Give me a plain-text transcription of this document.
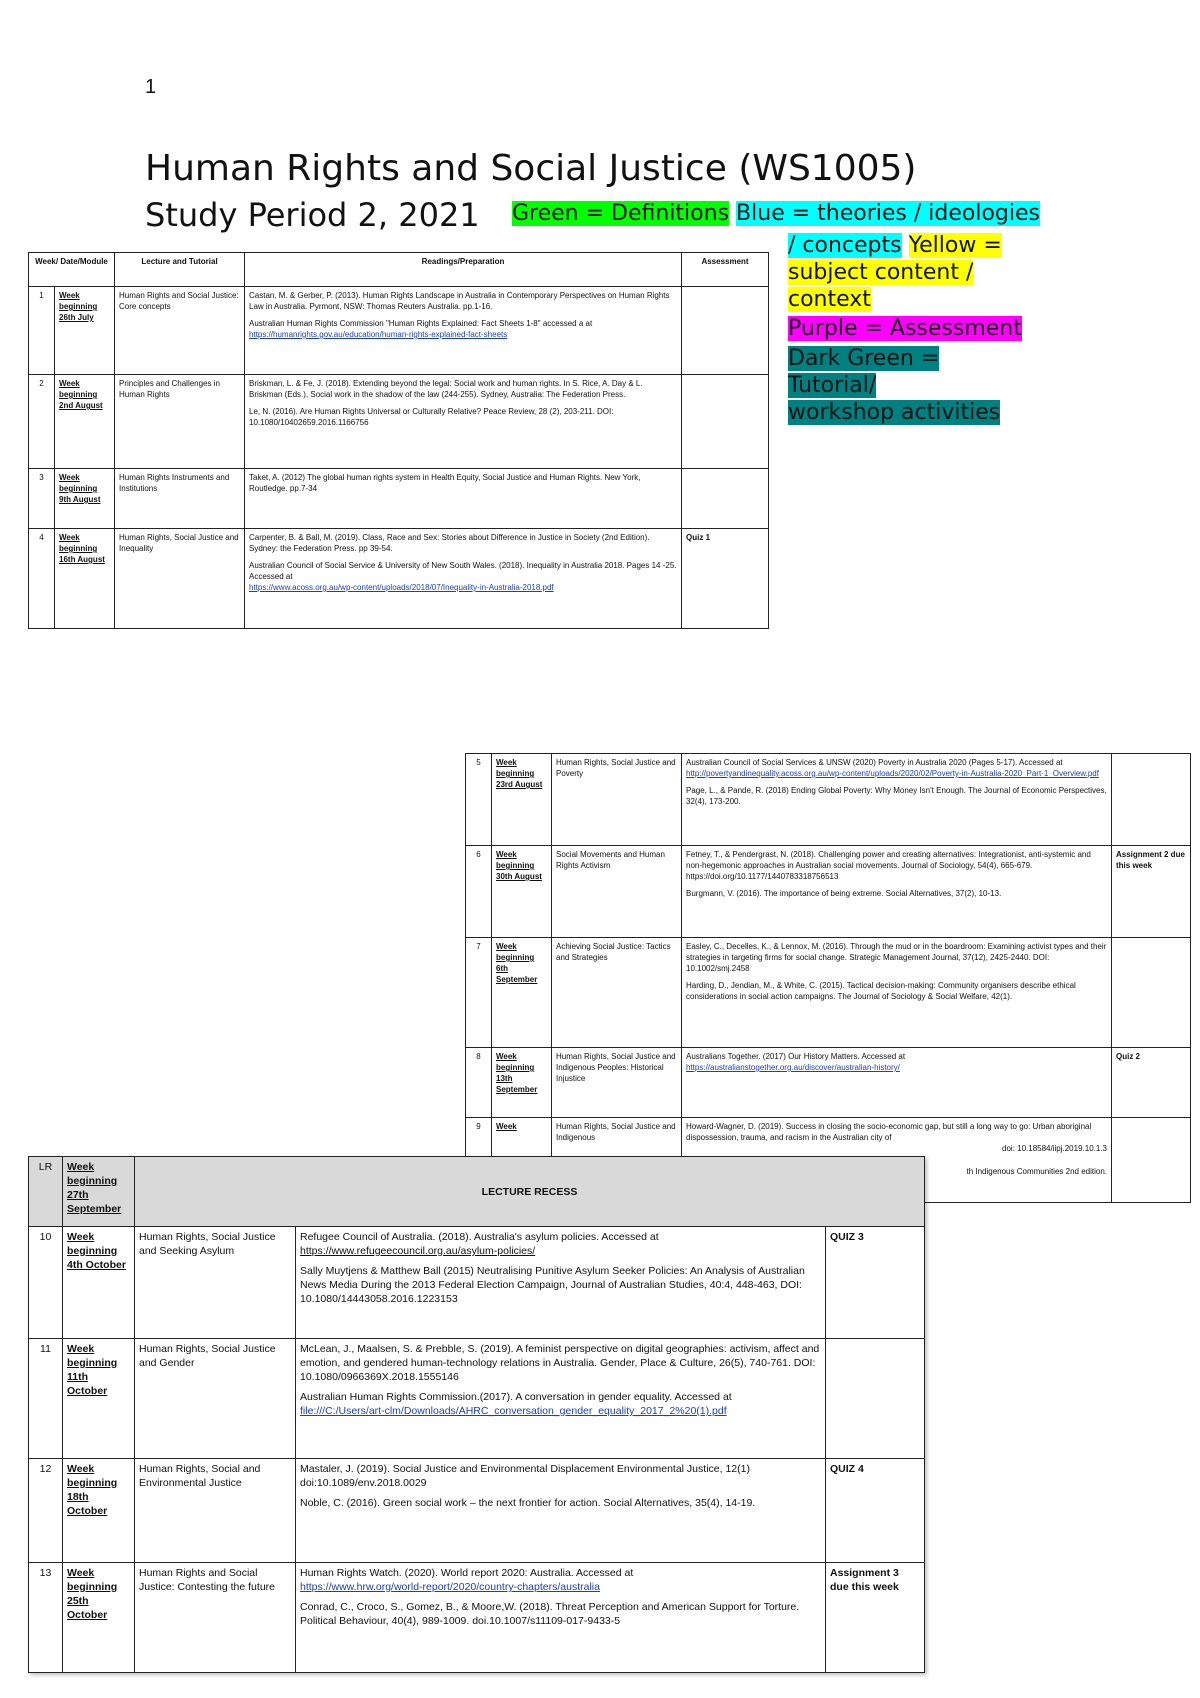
1
Human Rights and Social Justice (WS1005)
Study Period 2, 2021 Green = Definitions Blue = theories / ideologies
/ concepts Yellow =
subject content /
context
Purple = Assessment
Dark Green = Tutorial/
workshop activities
Week/ Date/Module		Lecture and Tutorial	Readings/Preparation	Assessment
1	Week beginning 26th July	Human Rights and Social Justice: Core concepts	Castan, M. & Gerber, P. (2013). Human Rights Landscape in Australia in Contemporary Perspectives on Human Rights Law in Australia. Pyrmont, NSW: Thomas Reuters Australia. pp.1-16.
Australian Human Rights Commission "Human Rights Explained: Fact Sheets 1-8" accessed a at
https://humanrights.gov.au/education/human-rights-explained-fact-sheets	

2	Week beginning 2nd August	Principles and Challenges in Human Rights	Briskman, L. & Fe, J. (2018). Extending beyond the legal: Social work and human rights. In S. Rice, A. Day & L. Briskman (Eds.), Social work in the shadow of the law (244-255). Sydney, Australia: The Federation Press.
Le, N. (2016). Are Human Rights Universal or Culturally Relative? Peace Review, 28 (2), 203-211. DOI: 10.1080/10402659.2016.1166756	

3	Week beginning 9th August	Human Rights Instruments and Institutions	Taket, A. (2012) The global human rights system in Health Equity, Social Justice and Human Rights. New York, Routledge. pp.7-34	
4	Week beginning 16th August	Human Rights, Social Justice and Inequality	Carpenter, B. & Ball, M. (2019). Class, Race and Sex: Stories about Difference in Justice in Society (2nd Edition). Sydney: the Federation Press. pp 39-54.
Australian Council of Social Service & University of New South Wales. (2018). Inequality in Australia 2018. Pages 14 -25. Accessed at
https://www.acoss.org.au/wp-content/uploads/2018/07/Inequality-in-Australia-2018.pdf	Quiz 1
5	Week beginning 23rd August	Human Rights, Social Justice and Poverty	Australian Council of Social Services & UNSW (2020) Poverty in Australia 2020 (Pages 5-17). Accessed at
http://povertyandinequality.acoss.org.au/wp-content/uploads/2020/02/Poverty-in-Australia-2020_Part-1_Overview.pdf
Page, L., & Pande, R. (2018) Ending Global Poverty: Why Money Isn't Enough. The Journal of Economic Perspectives, 32(4), 173-200.	

6	Week beginning 30th August	Social Movements and Human Rights Activism	Fetney, T., & Pendergrast, N. (2018). Challenging power and creating alternatives: Integrationist, anti-systemic and non-hegemonic approaches in Australian social movements. Journal of Sociology, 54(4), 665-679. https://doi.org/10.1177/1440783318756513
Burgmann, V. (2016). The importance of being extreme. Social Alternatives, 37(2), 10-13.	Assignment 2 due this week
7	Week beginning 6th September	Achieving Social Justice: Tactics and Strategies	Easley, C., Decelles, K., & Lennox, M. (2016). Through the mud or in the boardroom: Examining activist types and their strategies in targeting firms for social change. Strategic Management Journal, 37(12), 2425-2440. DOI: 10.1002/smj.2458
Harding, D., Jendian, M., & White, C. (2015). Tactical decision-making: Community organisers describe ethical considerations in social action campaigns. The Journal of Sociology & Social Welfare, 42(1).	

8	Week beginning 13th September	Human Rights, Social Justice and Indigenous Peoples: Historical Injustice	Australians Together. (2017) Our History Matters. Accessed at
https://australianstogether.org.au/discover/australian-history/	Quiz 2
9	Week	Human Rights, Social Justice and Indigenous	Howard-Wagner, D. (2019). Success in closing the socio-economic gap, but still a long way to go: Urban aboriginal dispossession, trauma, and racism in the Australian city of
doi: 10.18584/iipj.2019.10.1.3
th Indigenous Communities 2nd edition.	

LR	Week beginning 27th September	LECTURE RECESS		
10	Week beginning 4th October	Human Rights, Social Justice and Seeking Asylum	Refugee Council of Australia. (2018). Australia's asylum policies. Accessed at
https://www.refugeecouncil.org.au/asylum-policies/
Sally Muytjens & Matthew Ball (2015) Neutralising Punitive Asylum Seeker Policies: An Analysis of Australian News Media During the 2013 Federal Election Campaign, Journal of Australian Studies, 40:4, 448-463, DOI: 10.1080/14443058.2016.1223153	QUIZ 3
11	Week beginning 11th October	Human Rights, Social Justice and Gender	McLean, J., Maalsen, S. & Prebble, S. (2019). A feminist perspective on digital geographies: activism, affect and emotion, and gendered human-technology relations in Australia. Gender, Place & Culture, 26(5), 740-761. DOI: 10.1080/0966369X.2018.1555146
Australian Human Rights Commission.(2017). A conversation in gender equality. Accessed at
file:///C:/Users/art-clm/Downloads/AHRC_conversation_gender_equality_2017_2%20(1).pdf	

12	Week beginning 18th October	Human Rights, Social and Environmental Justice	Mastaler, J. (2019). Social Justice and Environmental Displacement Environmental Justice, 12(1) doi:10.1089/env.2018.0029
Noble, C. (2016). Green social work – the next frontier for action. Social Alternatives, 35(4), 14-19.	QUIZ 4
13	Week beginning 25th October	Human Rights and Social Justice: Contesting the future	Human Rights Watch. (2020). World report 2020: Australia. Accessed at
https://www.hrw.org/world-report/2020/country-chapters/australia
Conrad, C., Croco, S., Gomez, B., & Moore,W. (2018). Threat Perception and American Support for Torture. Political Behaviour, 40(4), 989-1009. doi.10.1007/s11109-017-9433-5	Assignment 3 due this week
